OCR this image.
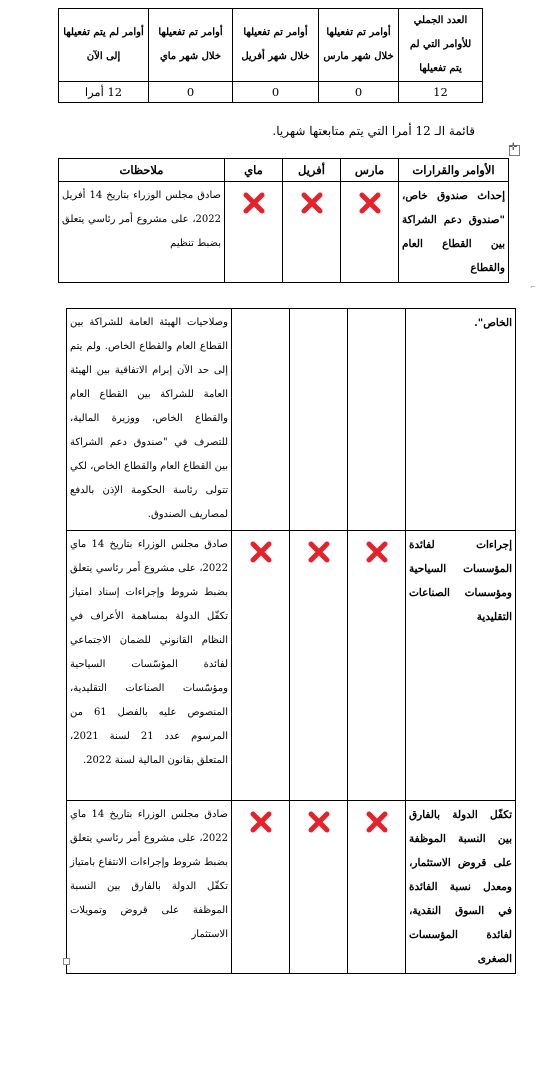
العدد الجملي للأوامر التي لم يتم تفعيلها	أوامر تم تفعيلها خلال شهر مارس	أوامر تم تفعيلها خلال شهر أفريل	أوامر تم تفعيلها خلال شهر ماي	أوامر لم يتم تفعيلها إلى الآن
12	0	0	0	12 أمرا
قائمة الـ 12 أمرا التي يتم متابعتها شهريا.
✛
⌐
الأوامر والقرارات	مارس	أفريل	ماي	ملاحظات
إحداث صندوق خاص، "صندوق دعم الشراكة بين القطاع العام والقطاع				صادق مجلس الوزراء بتاريخ 14 أفريل 2022، على مشروع أمر رئاسي يتعلق بضبط تنظيم
الخاص".				وصلاحيات الهيئة العامة للشراكة بين القطاع العام والقطاع الخاص. ولم يتم إلى حد الآن إبرام الاتفاقية بين الهيئة العامة للشراكة بين القطاع العام والقطاع الخاص، ووزيرة المالية، للتصرف في "صندوق دعم الشراكة بين القطاع العام والقطاع الخاص، لكي تتولى رئاسة الحكومة الإذن بالدفع لمصاريف الصندوق.
إجراءات لفائدة المؤسسات السياحية ومؤسسات الصناعات التقليدية				صادق مجلس الوزراء بتاريخ 14 ماي 2022، على مشروع أمر رئاسي يتعلق بضبط شروط وإجراءات إسناد امتياز تكفّل الدولة بمساهمة الأعراف في النظام القانوني للضمان الاجتماعي لفائدة المؤسّسات السياحية ومؤسّسات الصناعات التقليدية، المنصوص عليه بالفصل 61 من المرسوم عدد 21 لسنة 2021، المتعلق بقانون المالية لسنة 2022.
تكفّل الدولة بالفارق بين النسبة الموظفة على قروض الاستثمار، ومعدل نسبة الفائدة في السوق النقدية، لفائدة المؤسسات الصغرى				صادق مجلس الوزراء بتاريخ 14 ماي 2022، على مشروع أمر رئاسي يتعلق بضبط شروط وإجراءات الانتفاع بامتياز تكفّل الدولة بالفارق بين النسبة الموظفة على قروض وتمويلات الاستثمار
